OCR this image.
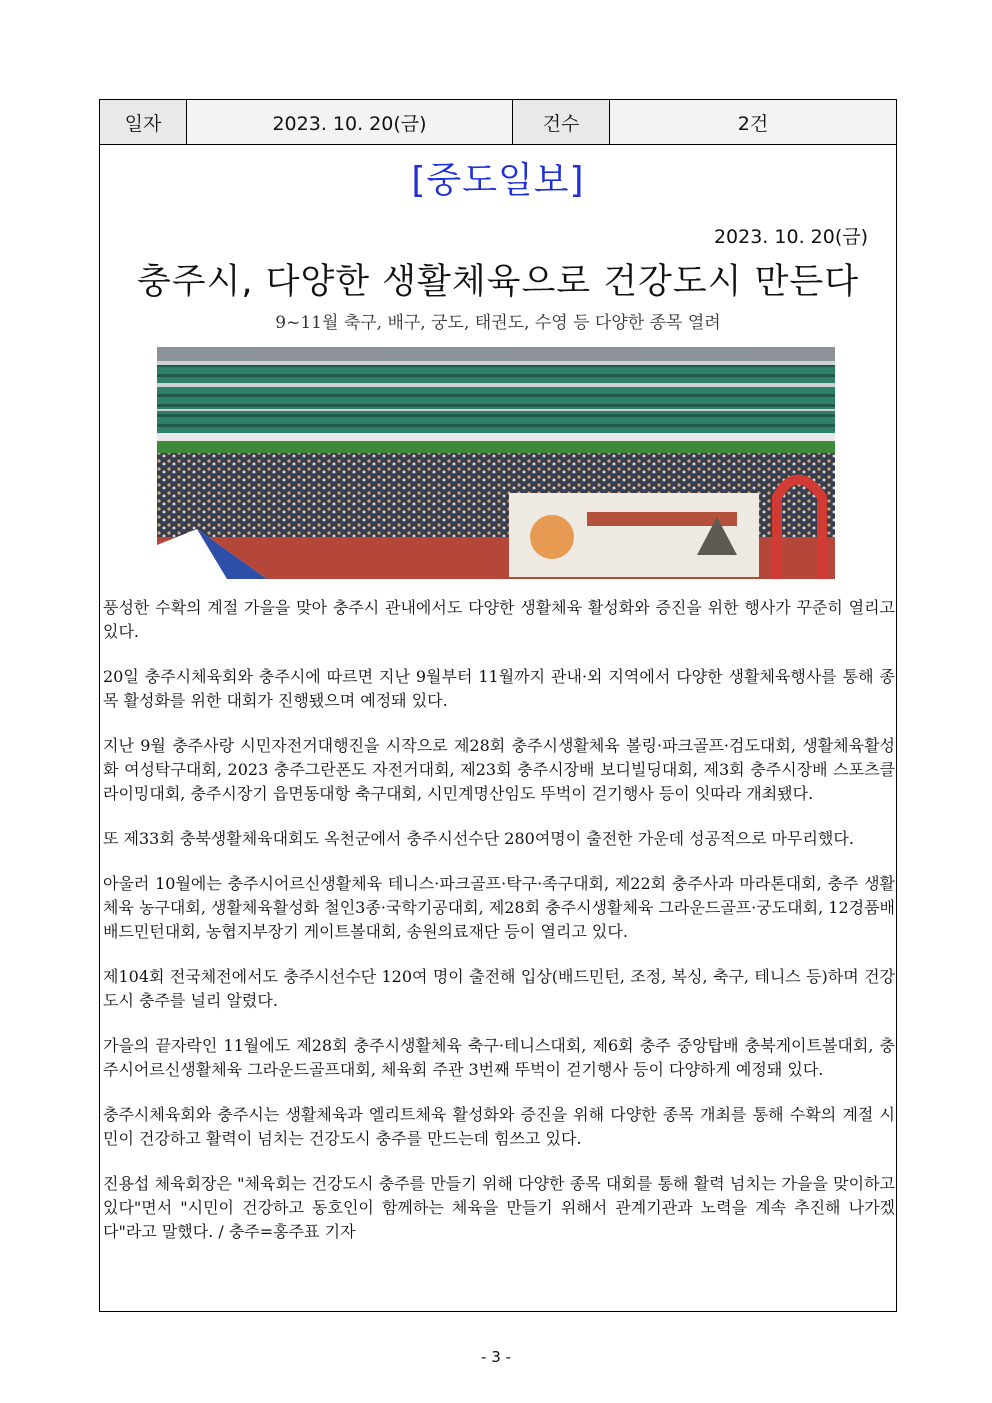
일자	2023. 10. 20(금)	건수	2건
[중도일보]
2023. 10. 20(금)
충주시, 다양한 생활체육으로 건강도시 만든다
9~11월 축구, 배구, 궁도, 태권도, 수영 등 다양한 종목 열려

풍성한 수확의 계절 가을을 맞아 충주시 관내에서도 다양한 생활체육 활성화와 증진을 위한 행사가 꾸준히 열리고 있다.

20일 충주시체육회와 충주시에 따르면 지난 9월부터 11월까지 관내·외 지역에서 다양한 생활체육행사를 통해 종목 활성화를 위한 대회가 진행됐으며 예정돼 있다.

지난 9월 충주사랑 시민자전거대행진을 시작으로 제28회 충주시생활체육 볼링·파크골프·검도대회, 생활체육활성화 여성탁구대회, 2023 충주그란폰도 자전거대회, 제23회 충주시장배 보디빌딩대회, 제3회 충주시장배 스포츠클라이밍대회, 충주시장기 읍면동대항 축구대회, 시민계명산임도 뚜벅이 걷기행사 등이 잇따라 개최됐다.

또 제33회 충북생활체육대회도 옥천군에서 충주시선수단 280여명이 출전한 가운데 성공적으로 마무리했다.

아울러 10월에는 충주시어르신생활체육 테니스·파크골프·탁구·족구대회, 제22회 충주사과 마라톤대회, 충주 생활체육 농구대회, 생활체육활성화 철인3종·국학기공대회, 제28회 충주시생활체육 그라운드골프·궁도대회, 12경품배 배드민턴대회, 농협지부장기 게이트볼대회, 송원의료재단 등이 열리고 있다.

제104회 전국체전에서도 충주시선수단 120여 명이 출전해 입상(배드민턴, 조정, 복싱, 축구, 테니스 등)하며 건강도시 충주를 널리 알렸다.

가을의 끝자락인 11월에도 제28회 충주시생활체육 축구·테니스대회, 제6회 충주 중앙탑배 충북게이트볼대회, 충주시어르신생활체육 그라운드골프대회, 체육회 주관 3번째 뚜벅이 걷기행사 등이 다양하게 예정돼 있다.

충주시체육회와 충주시는 생활체육과 엘리트체육 활성화와 증진을 위해 다양한 종목 개최를 통해 수확의 계절 시민이 건강하고 활력이 넘치는 건강도시 충주를 만드는데 힘쓰고 있다.

진용섭 체육회장은 "체육회는 건강도시 충주를 만들기 위해 다양한 종목 대회를 통해 활력 넘치는 가을을 맞이하고 있다"면서 "시민이 건강하고 동호인이 함께하는 체육을 만들기 위해서 관계기관과 노력을 계속 추진해 나가겠다"라고 말했다. / 충주=홍주표 기자

- 3 -
